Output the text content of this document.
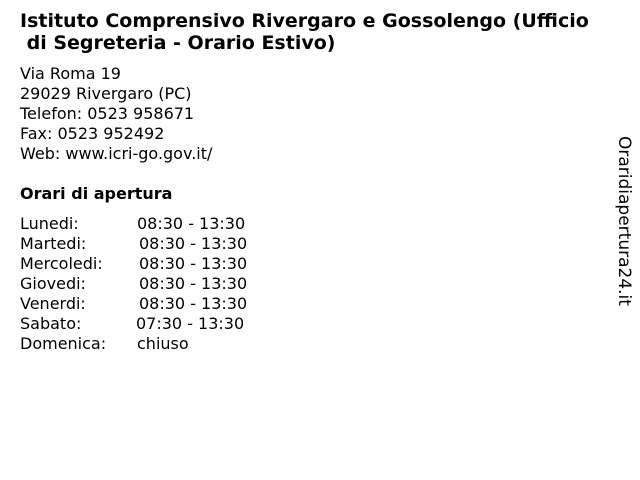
Istituto Comprensivo Rivergaro e Gossolengo (Ufficio
di Segreteria - Orario Estivo)
Via Roma 19
29029 Rivergaro (PC)
Telefon: 0523 958671
Fax: 0523 952492
Web: www.icri-go.gov.it/
Orari di apertura
Lunedi:	08:30 - 13:30
Martedi:	08:30 - 13:30
Mercoledi: 08:30 - 13:30
Giovedi:	08:30 - 13:30
Venerdi:	08:30 - 13:30
Sabato:	07:30 - 13:30
Domenica: chiuso
Oraridiapertura24.it
